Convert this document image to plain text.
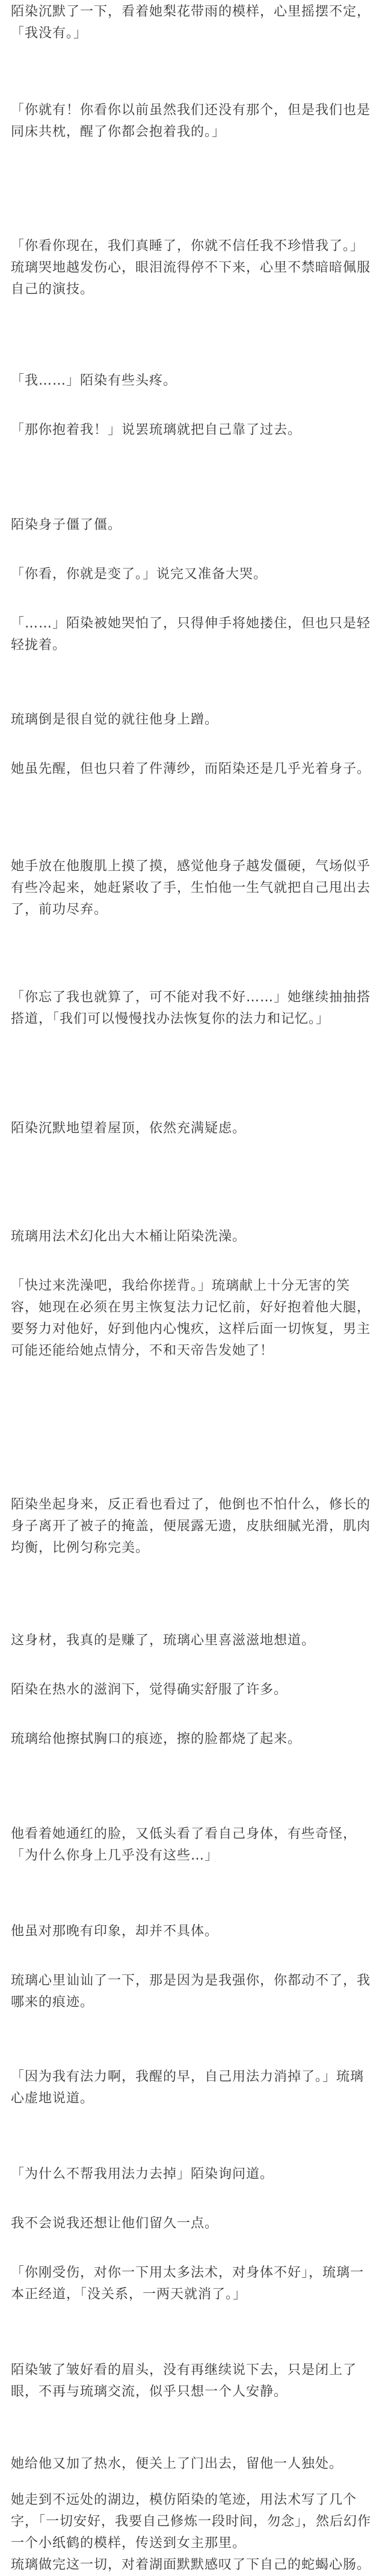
陌染沉默了一下，看着她梨花带雨的模样，心里摇摆不定，「我没有。」

「你就有！你看你以前虽然我们还没有那个，但是我们也是同床共枕，醒了你都会抱着我的。」

「你看你现在，我们真睡了，你就不信任我不珍惜我了。」琉璃哭地越发伤心，眼泪流得停不下来，心里不禁暗暗佩服自己的演技。

「我……」陌染有些头疼。

「那你抱着我！」说罢琉璃就把自己靠了过去。

陌染身子僵了僵。

「你看，你就是变了。」说完又准备大哭。

「……」陌染被她哭怕了，只得伸手将她搂住，但也只是轻轻拢着。

琉璃倒是很自觉的就往他身上蹭。

她虽先醒，但也只着了件薄纱，而陌染还是几乎光着身子。

她手放在他腹肌上摸了摸，感觉他身子越发僵硬，气场似乎有些冷起来，她赶紧收了手，生怕他一生气就把自己甩出去了，前功尽弃。

「你忘了我也就算了，可不能对我不好……」她继续抽抽搭搭道，「我们可以慢慢找办法恢复你的法力和记忆。」

陌染沉默地望着屋顶，依然充满疑虑。

琉璃用法术幻化出大木桶让陌染洗澡。

「快过来洗澡吧，我给你搓背。」琉璃献上十分无害的笑容，她现在必须在男主恢复法力记忆前，好好抱着他大腿，要努力对他好，好到他内心愧疚，这样后面一切恢复，男主可能还能给她点情分，不和天帝告发她了！

陌染坐起身来，反正看也看过了，他倒也不怕什么，修长的身子离开了被子的掩盖，便展露无遗，皮肤细腻光滑，肌肉均衡，比例匀称完美。

这身材，我真的是赚了，琉璃心里喜滋滋地想道。

陌染在热水的滋润下，觉得确实舒服了许多。

琉璃给他擦拭胸口的痕迹，擦的脸都烧了起来。

他看着她通红的脸，又低头看了看自己身体，有些奇怪，「为什么你身上几乎没有这些…」

他虽对那晚有印象，却并不具体。

琉璃心里讪讪了一下，那是因为是我强你，你都动不了，我哪来的痕迹。

「因为我有法力啊，我醒的早，自己用法力消掉了。」琉璃心虚地说道。

「为什么不帮我用法力去掉」陌染询问道。

我不会说我还想让他们留久一点。

「你刚受伤，对你一下用太多法术，对身体不好」，琉璃一本正经道，「没关系，一两天就消了。」

陌染皱了皱好看的眉头，没有再继续说下去，只是闭上了眼，不再与琉璃交流，似乎只想一个人安静。

她给他又加了热水，便关上了门出去，留他一人独处。

她走到不远处的湖边，模仿陌染的笔迹，用法术写了几个字，「一切安好，我要自己修炼一段时间，勿念」，然后幻作一个小纸鹤的模样，传送到女主那里。

琉璃做完这一切，对着湖面默默感叹了下自己的蛇蝎心肠。
